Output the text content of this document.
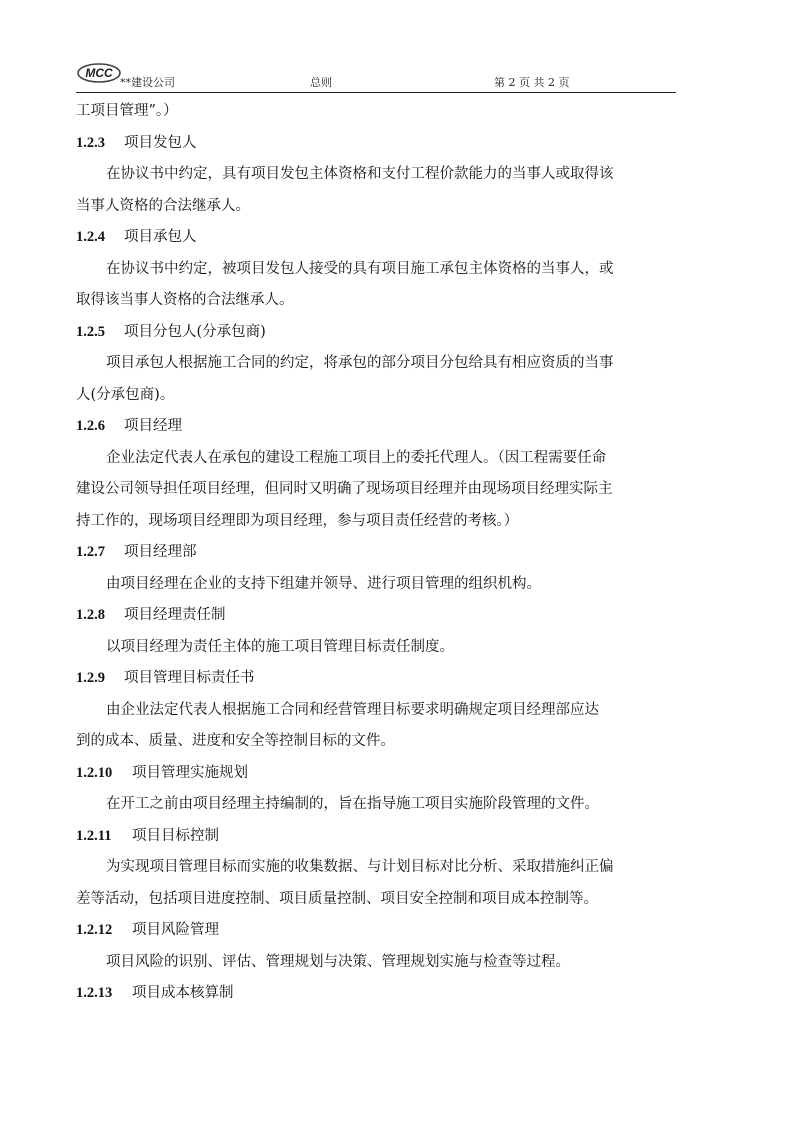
MCC
**建设公司	总则	第 2 页 共 2 页
工项目管理”。）
1.2.3 项目发包人
在协议书中约定，具有项目发包主体资格和支付工程价款能力的当事人或取得该
当事人资格的合法继承人。
1.2.4 项目承包人
在协议书中约定，被项目发包人接受的具有项目施工承包主体资格的当事人，或
取得该当事人资格的合法继承人。
1.2.5 项目分包人(分承包商)
项目承包人根据施工合同的约定，将承包的部分项目分包给具有相应资质的当事
人(分承包商)。
1.2.6 项目经理
企业法定代表人在承包的建设工程施工项目上的委托代理人。（因工程需要任命
建设公司领导担任项目经理，但同时又明确了现场项目经理并由现场项目经理实际主
持工作的，现场项目经理即为项目经理，参与项目责任经营的考核。）
1.2.7 项目经理部
由项目经理在企业的支持下组建并领导、进行项目管理的组织机构。
1.2.8 项目经理责任制
以项目经理为责任主体的施工项目管理目标责任制度。
1.2.9 项目管理目标责任书
由企业法定代表人根据施工合同和经营管理目标要求明确规定项目经理部应达
到的成本、质量、进度和安全等控制目标的文件。
1.2.10 项目管理实施规划
在开工之前由项目经理主持编制的，旨在指导施工项目实施阶段管理的文件。
1.2.11 项目目标控制
为实现项目管理目标而实施的收集数据、与计划目标对比分析、采取措施纠正偏
差等活动，包括项目进度控制、项目质量控制、项目安全控制和项目成本控制等。
1.2.12 项目风险管理
项目风险的识别、评估、管理规划与决策、管理规划实施与检查等过程。
1.2.13 项目成本核算制
